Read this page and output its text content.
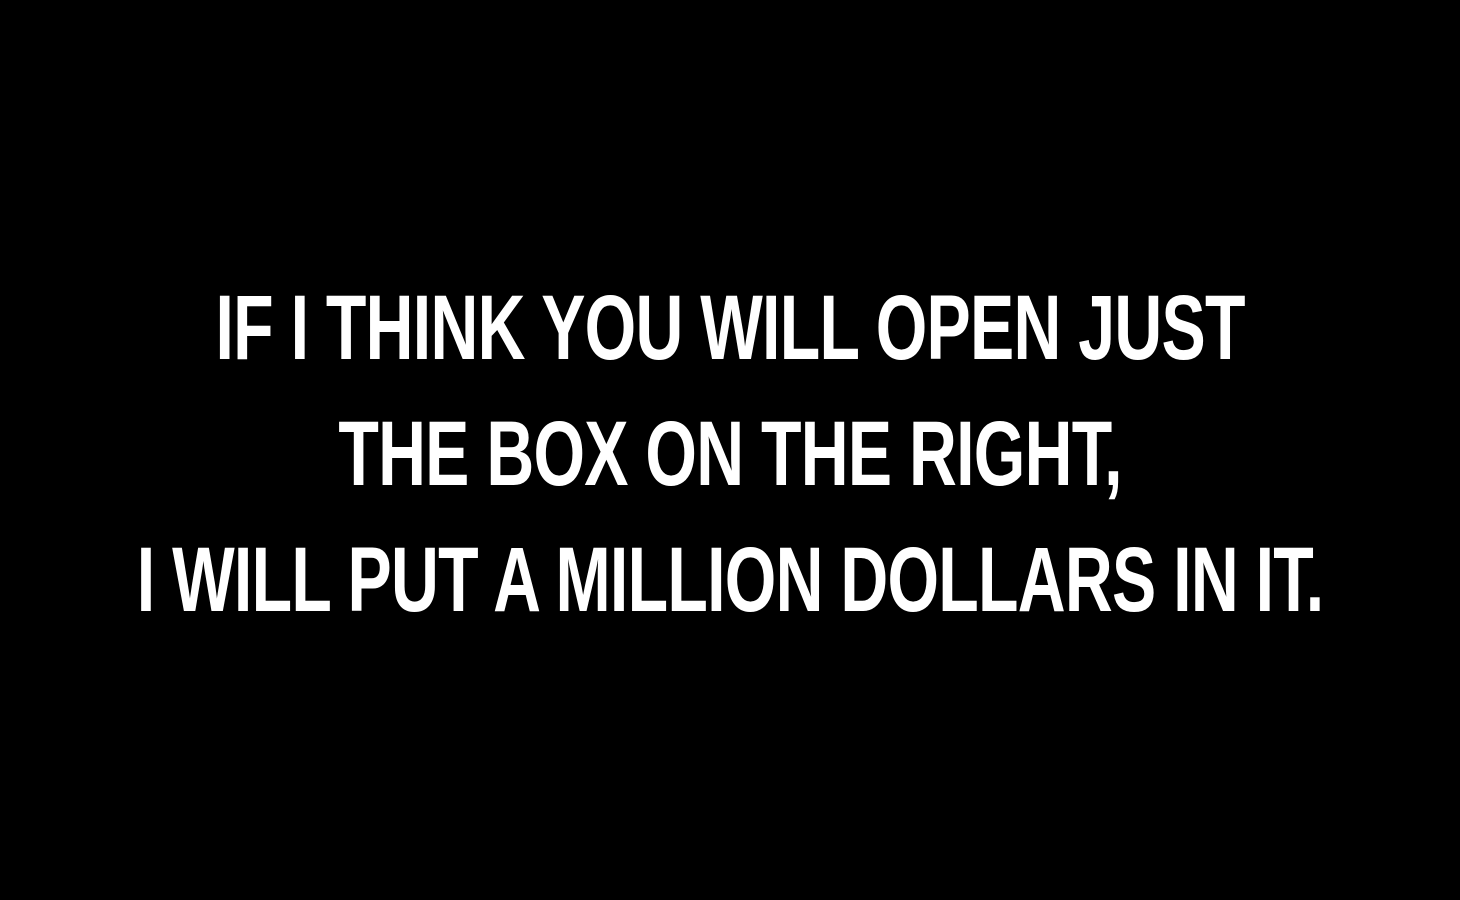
IF I THINK YOU WILL OPEN JUST
THE BOX ON THE RIGHT,
I WILL PUT A MILLION DOLLARS IN IT.
